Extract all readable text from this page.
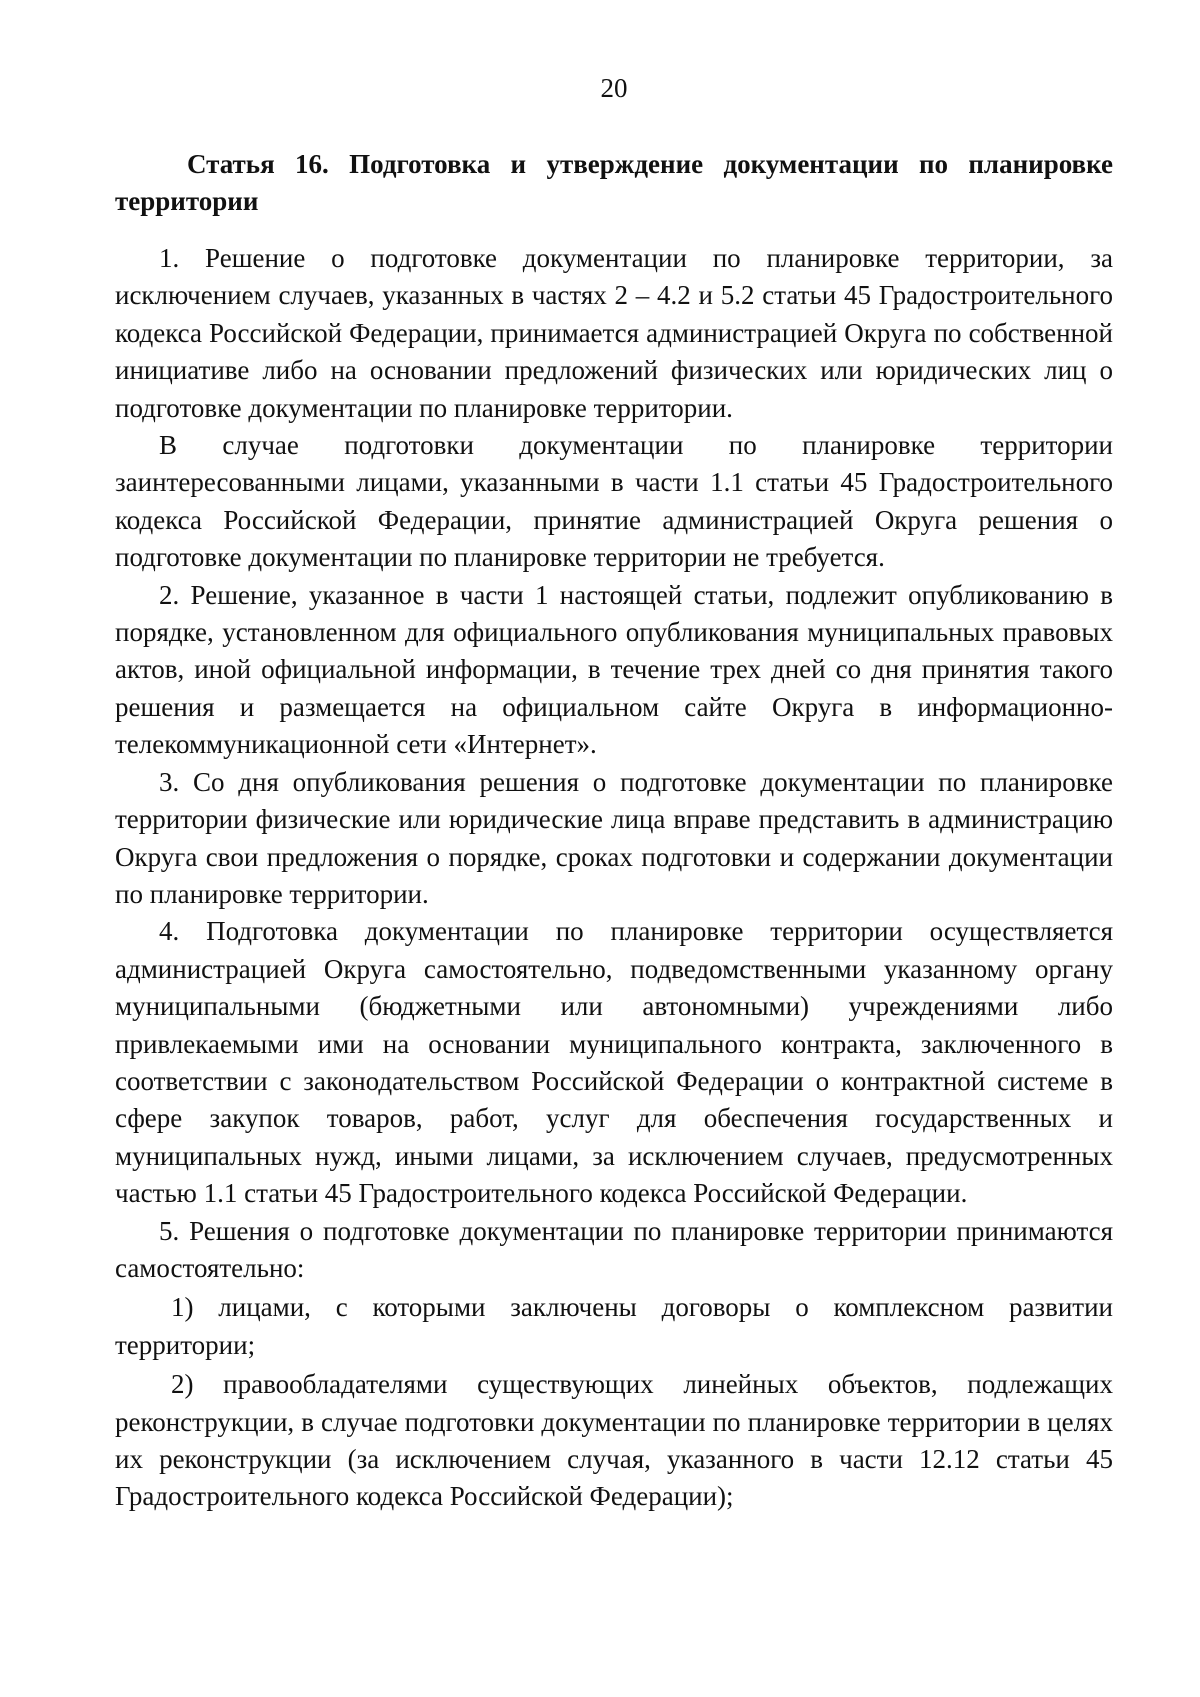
20
Статья 16. Подготовка и утверждение документации по планировке территории

1. Решение о подготовке документации по планировке территории, за исключением случаев, указанных в частях 2 – 4.2 и 5.2 статьи 45 Градостроительного кодекса Российской Федерации, принимается администрацией Округа по собственной инициативе либо на основании предложений физических или юридических лиц о подготовке документации по планировке территории.

В случае подготовки документации по планировке территории заинтересованными лицами, указанными в части 1.1 статьи 45 Градостроительного кодекса Российской Федерации, принятие администрацией Округа решения о подготовке документации по планировке территории не требуется.

2. Решение, указанное в части 1 настоящей статьи, подлежит опубликованию в порядке, установленном для официального опубликования муниципальных правовых актов, иной официальной информации, в течение трех дней со дня принятия такого решения и размещается на официальном сайте Округа в информационно-телекоммуникационной сети «Интернет».

3. Со дня опубликования решения о подготовке документации по планировке территории физические или юридические лица вправе представить в администрацию Округа свои предложения о порядке, сроках подготовки и содержании документации по планировке территории.

4. Подготовка документации по планировке территории осуществляется администрацией Округа самостоятельно, подведомственными указанному органу муниципальными (бюджетными или автономными) учреждениями либо привлекаемыми ими на основании муниципального контракта, заключенного в соответствии с законодательством Российской Федерации о контрактной системе в сфере закупок товаров, работ, услуг для обеспечения государственных и муниципальных нужд, иными лицами, за исключением случаев, предусмотренных частью 1.1 статьи 45 Градостроительного кодекса Российской Федерации.

5. Решения о подготовке документации по планировке территории принимаются самостоятельно:

1) лицами, с которыми заключены договоры о комплексном развитии территории;

2) правообладателями существующих линейных объектов, подлежащих реконструкции, в случае подготовки документации по планировке территории в целях их реконструкции (за исключением случая, указанного в части 12.12 статьи 45 Градостроительного кодекса Российской Федерации);
